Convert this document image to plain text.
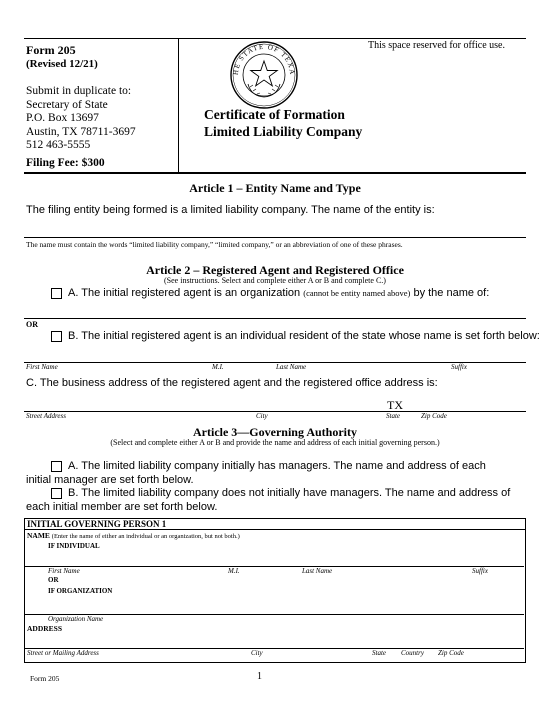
Form 205
(Revised 12/21)
Submit in duplicate to:
Secretary of State
P.O. Box 13697
Austin, TX 78711-3697
512 463-5555
Filing Fee: $300
This space reserved for office use.
HE STATE OF TEXA
Certificate of Formation
Limited Liability Company
Article 1 – Entity Name and Type
The filing entity being formed is a limited liability company. The name of the entity is:
The name must contain the words “limited liability company,” “limited company,” or an abbreviation of one of these phrases.
Article 2 – Registered Agent and Registered Office
(See instructions. Select and complete either A or B and complete C.)
A. The initial registered agent is an organization (cannot be entity named above) by the name of:
OR
B. The initial registered agent is an individual resident of the state whose name is set forth below:
First Name	M.I.	Last Name	Suffix
C. The business address of the registered agent and the registered office address is:
TX
Street Address	City	State	Zip Code
Article 3—Governing Authority
(Select and complete either A or B and provide the name and address of each initial governing person.)
A. The limited liability company initially has managers. The name and address of each initial manager are set forth below.
B. The limited liability company does not initially have managers. The name and address of each initial member are set forth below.
INITIAL GOVERNING PERSON 1
NAME (Enter the name of either an individual or an organization, but not both.)
IF INDIVIDUAL
First Name	M.I.	Last Name	Suffix
OR
IF ORGANIZATION
Organization Name
ADDRESS
Street or Mailing Address	City	State Country Zip Code
Form 205	1
